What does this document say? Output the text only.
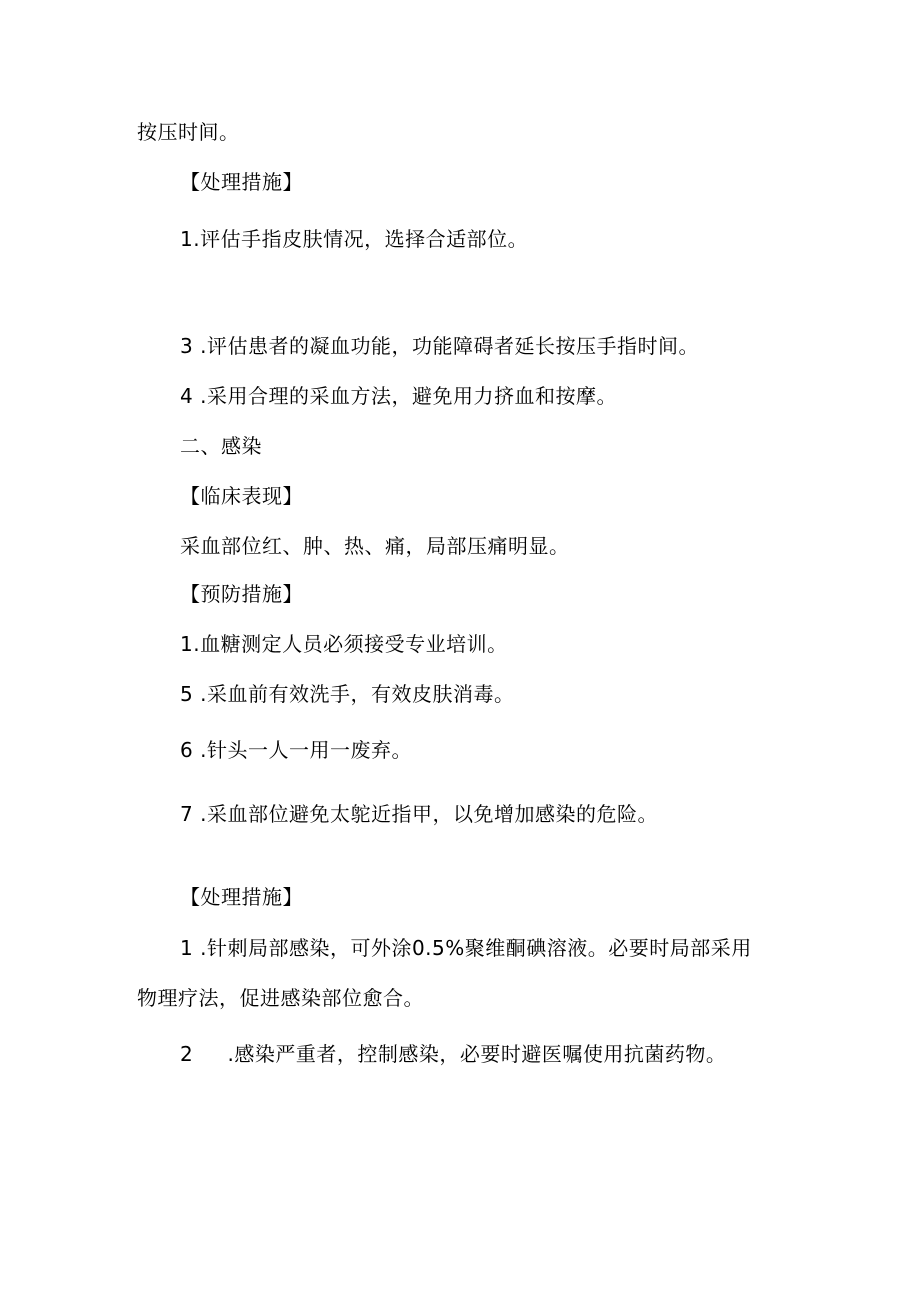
按压时间。
【处理措施】
1.评估手指皮肤情况，选择合适部位。
3 .评估患者的凝血功能，功能障碍者延长按压手指时间。
4 .采用合理的采血方法，避免用力挤血和按摩。
二、感染
【临床表现】
采血部位红、肿、热、痛，局部压痛明显。
【预防措施】
1.血糖测定人员必须接受专业培训。
5 .采血前有效洗手，有效皮肤消毒。
6 .针头一人一用一废弃。
7 .采血部位避免太鸵近指甲，以免增加感染的危险。
【处理措施】
1 .针刺局部感染，可外涂0.5%聚维酮碘溶液。必要时局部采用
物理疗法，促进感染部位愈合。
2     .感染严重者，控制感染，必要时避医嘱使用抗菌药物。
